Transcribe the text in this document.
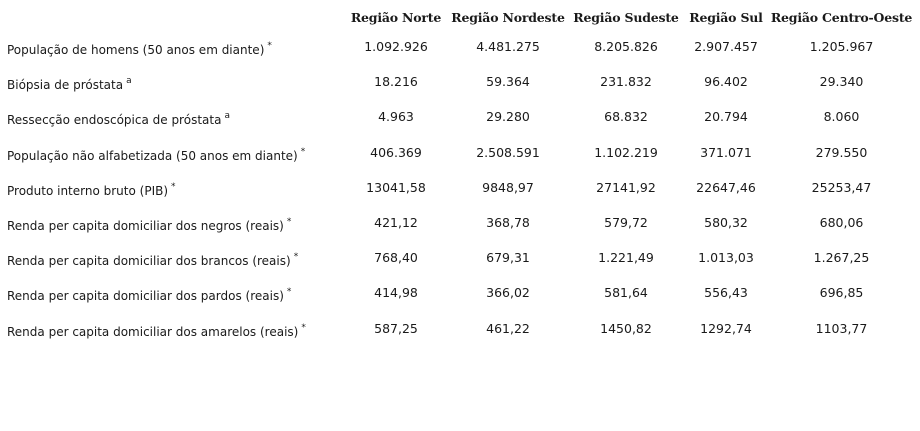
	Região Norte	Região Nordeste	Região Sudeste	Região Sul	Região Centro-Oeste
População de homens (50 anos em diante) *	1.092.926	4.481.275	8.205.826	2.907.457	1.205.967
Biópsia de próstata $^a$	18.216	59.364	231.832	96.402	29.340
Ressecção endoscópica de próstata $^a$	4.963	29.280	68.832	20.794	8.060
População não alfabetizada (50 anos em diante) *	406.369	2.508.591	1.102.219	371.071	279.550
Produto interno bruto (PIB) *	13041,58	9848,97	27141,92	22647,46	25253,47
Renda per capita domiciliar dos negros (reais) *	421,12	368,78	579,72	580,32	680,06
Renda per capita domiciliar dos brancos (reais) *	768,40	679,31	1.221,49	1.013,03	1.267,25
Renda per capita domiciliar dos pardos (reais) *	414,98	366,02	581,64	556,43	696,85
Renda per capita domiciliar dos amarelos (reais) *	587,25	461,22	1450,82	1292,74	1103,77
